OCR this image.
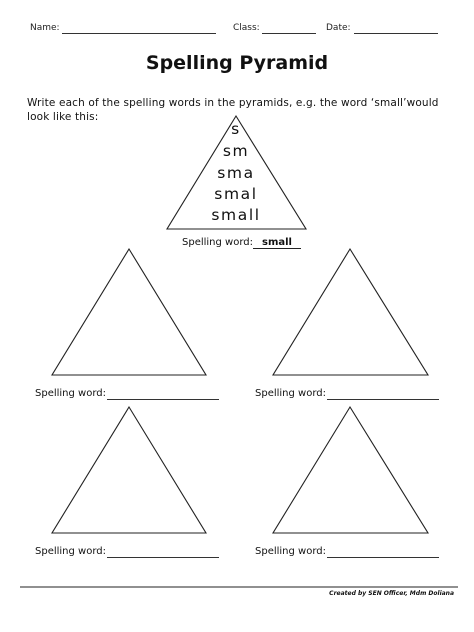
Name:	Class:	Date:
Spelling Pyramid
Write each of the spelling words in the pyramids, e.g. the word ‘small’would look like this:
s
sm
sma
smal
small
Spelling word: small
Spelling word:	Spelling word:
Spelling word:	Spelling word:
Created by SEN Officer, Mdm Doliana
